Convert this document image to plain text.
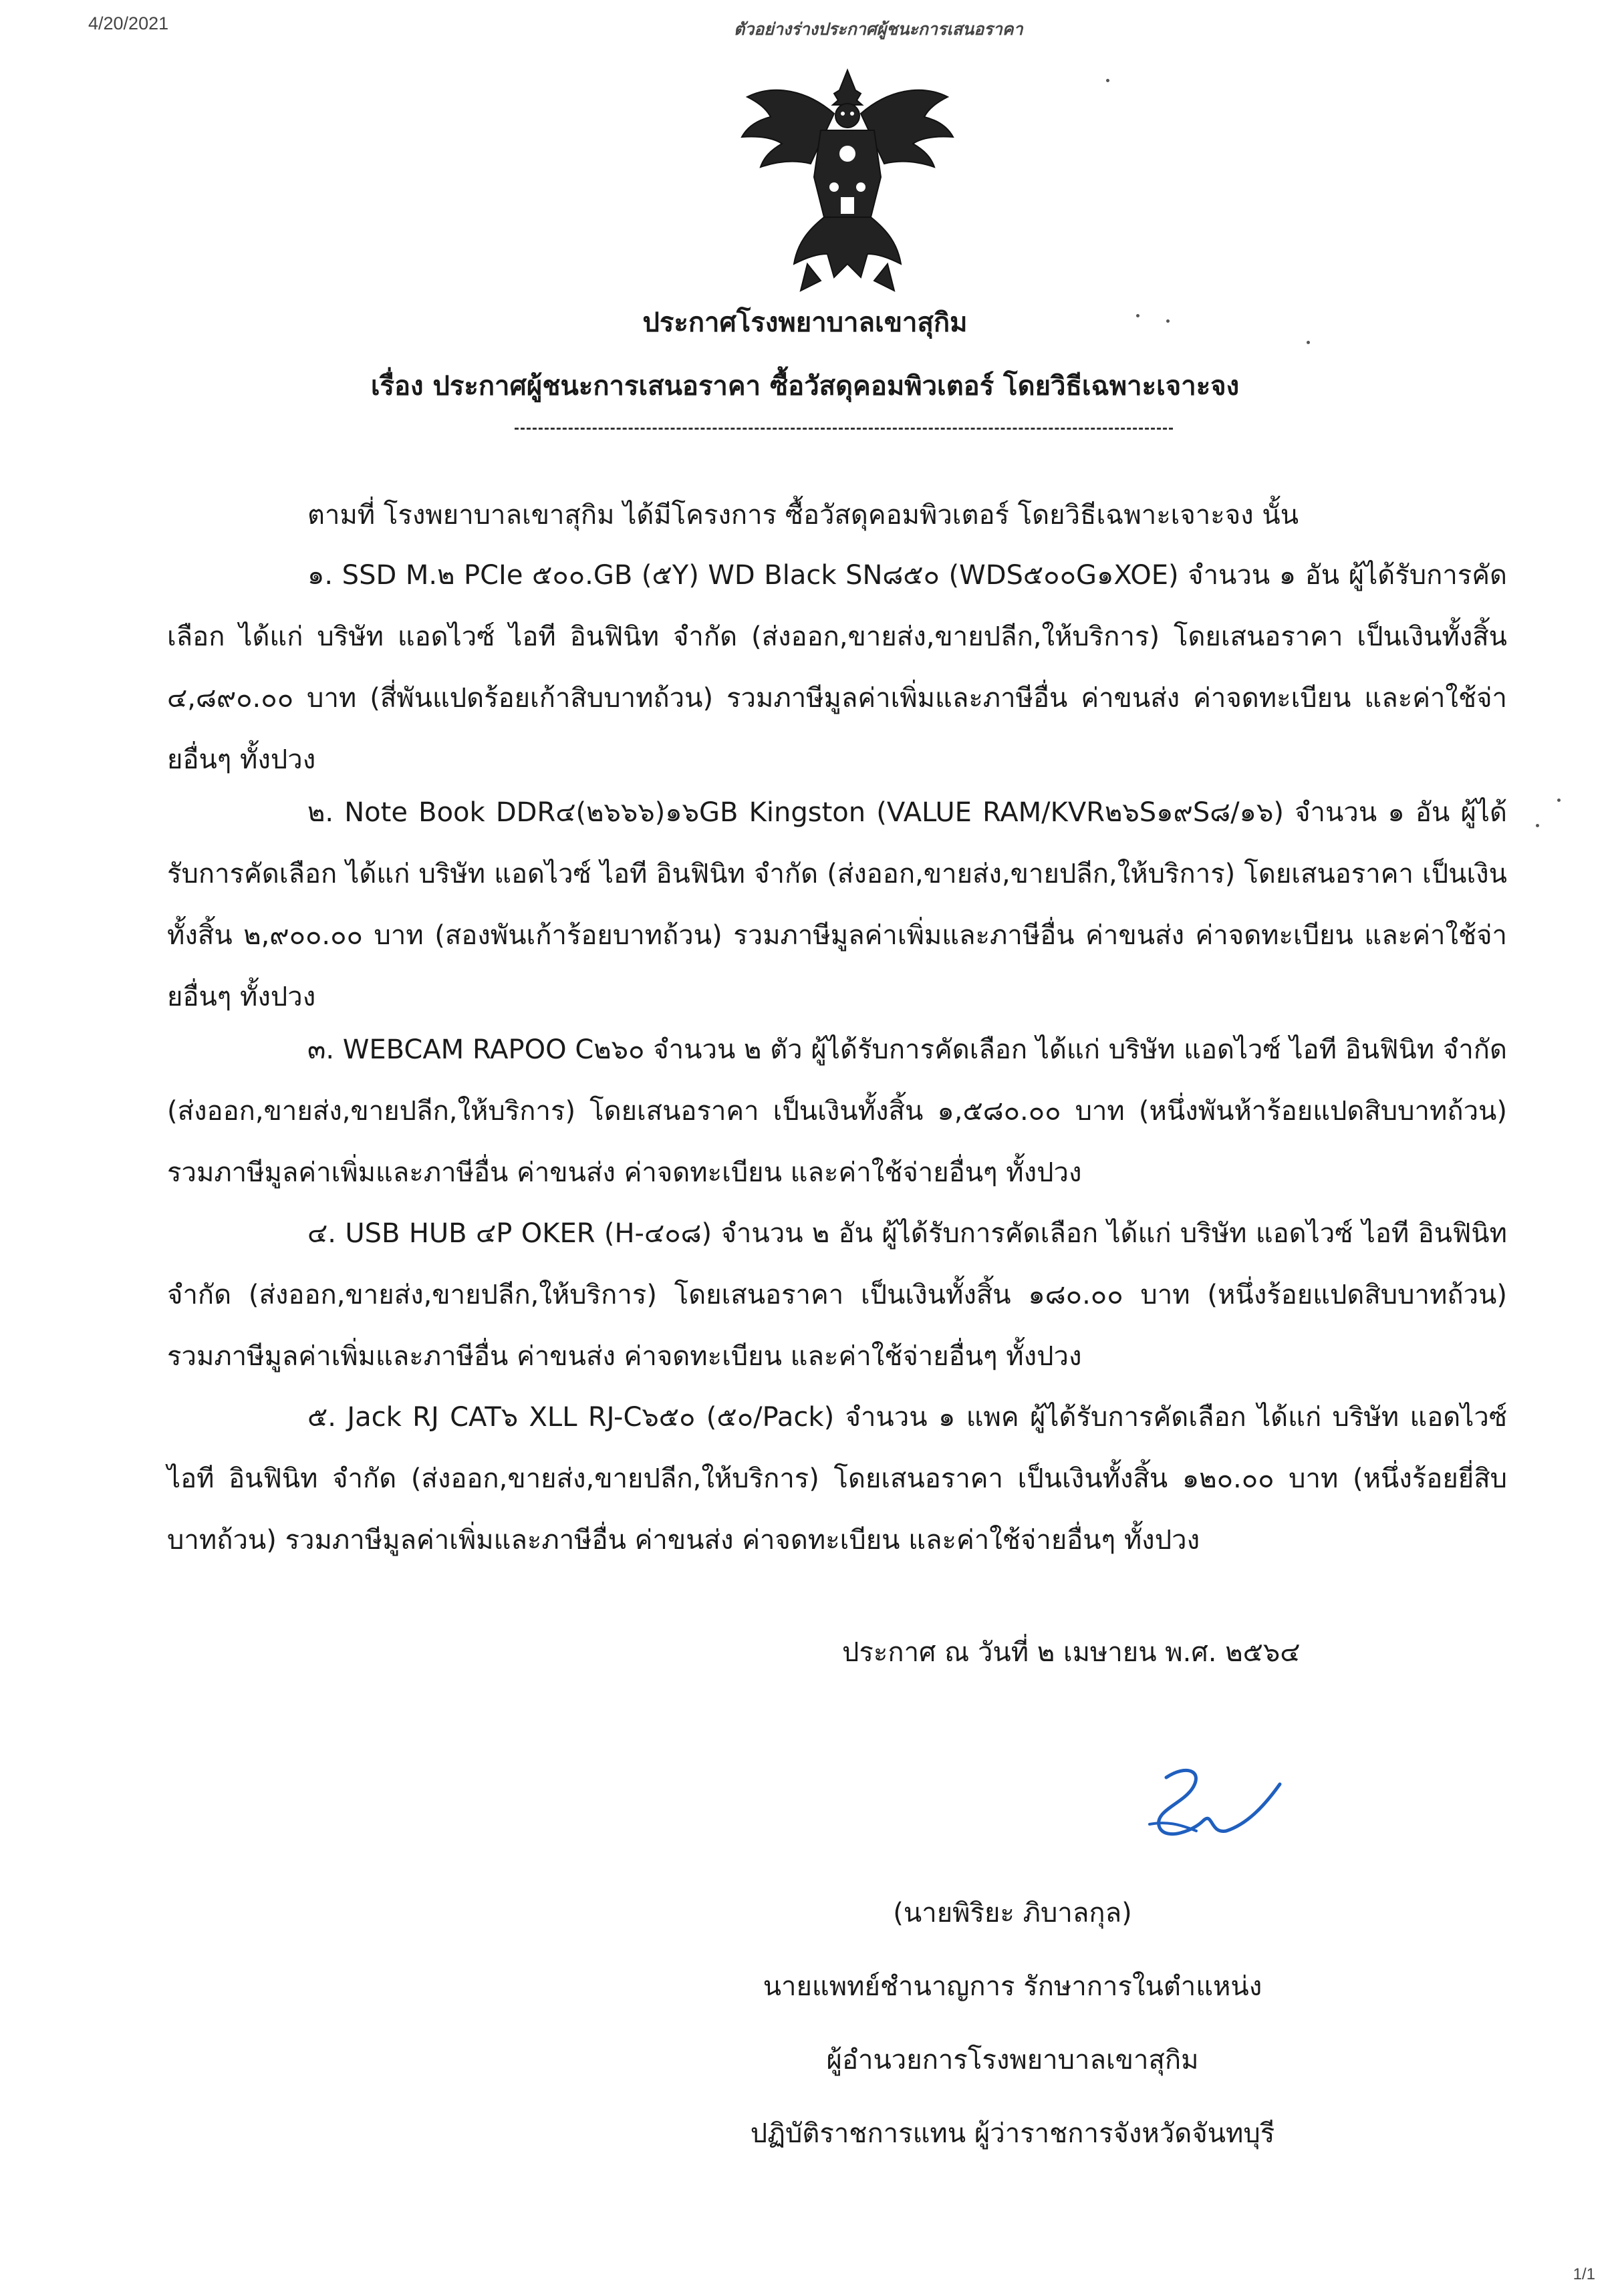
4/20/2021	ตัวอย่างร่างประกาศผู้ชนะการเสนอราคา
ประกาศโรงพยาบาลเขาสุกิม
เรื่อง ประกาศผู้ชนะการเสนอราคา ซื้อวัสดุคอมพิวเตอร์ โดยวิธีเฉพาะเจาะจง
ตามที่ โรงพยาบาลเขาสุกิม ได้มีโครงการ ซื้อวัสดุคอมพิวเตอร์ โดยวิธีเฉพาะเจาะจง นั้น
๑. SSD M.๒ PCIe ๕๐๐.GB (๕Y) WD Black SN๘๕๐ (WDS๕๐๐G๑XOE) จำนวน ๑ อัน ผู้ได้รับการคัดเลือก ได้แก่ บริษัท แอดไวซ์ ไอที อินฟินิท จำกัด (ส่งออก,ขายส่ง,ขายปลีก,ให้บริการ) โดยเสนอราคา เป็นเงินทั้งสิ้น ๔,๘๙๐.๐๐ บาท (สี่พันแปดร้อยเก้าสิบบาทถ้วน) รวมภาษีมูลค่าเพิ่มและภาษีอื่น ค่าขนส่ง ค่าจดทะเบียน และค่าใช้จ่ายอื่นๆ ทั้งปวง
๒. Note Book DDR๔(๒๖๖๖)๑๖GB Kingston (VALUE RAM/KVR๒๖S๑๙S๘/๑๖) จำนวน ๑ อัน ผู้ได้รับการคัดเลือก ได้แก่ บริษัท แอดไวซ์ ไอที อินฟินิท จำกัด (ส่งออก,ขายส่ง,ขายปลีก,ให้บริการ) โดยเสนอราคา เป็นเงินทั้งสิ้น ๒,๙๐๐.๐๐ บาท (สองพันเก้าร้อยบาทถ้วน) รวมภาษีมูลค่าเพิ่มและภาษีอื่น ค่าขนส่ง ค่าจดทะเบียน และค่าใช้จ่ายอื่นๆ ทั้งปวง
๓. WEBCAM RAPOO C๒๖๐ จำนวน ๒ ตัว ผู้ได้รับการคัดเลือก ได้แก่ บริษัท แอดไวซ์ ไอที อินฟินิท จำกัด (ส่งออก,ขายส่ง,ขายปลีก,ให้บริการ) โดยเสนอราคา เป็นเงินทั้งสิ้น ๑,๕๘๐.๐๐ บาท (หนึ่งพันห้าร้อยแปดสิบบาทถ้วน) รวมภาษีมูลค่าเพิ่มและภาษีอื่น ค่าขนส่ง ค่าจดทะเบียน และค่าใช้จ่ายอื่นๆ ทั้งปวง
๔. USB HUB ๔P OKER (H-๔๐๘) จำนวน ๒ อัน ผู้ได้รับการคัดเลือก ได้แก่ บริษัท แอดไวซ์ ไอที อินฟินิท จำกัด (ส่งออก,ขายส่ง,ขายปลีก,ให้บริการ) โดยเสนอราคา เป็นเงินทั้งสิ้น ๑๘๐.๐๐ บาท (หนึ่งร้อยแปดสิบบาทถ้วน) รวมภาษีมูลค่าเพิ่มและภาษีอื่น ค่าขนส่ง ค่าจดทะเบียน และค่าใช้จ่ายอื่นๆ ทั้งปวง
๕. Jack RJ CAT๖ XLL RJ-C๖๕๐ (๕๐/Pack) จำนวน ๑ แพค ผู้ได้รับการคัดเลือก ได้แก่ บริษัท แอดไวซ์ ไอที อินฟินิท จำกัด (ส่งออก,ขายส่ง,ขายปลีก,ให้บริการ) โดยเสนอราคา เป็นเงินทั้งสิ้น ๑๒๐.๐๐ บาท (หนึ่งร้อยยี่สิบบาทถ้วน) รวมภาษีมูลค่าเพิ่มและภาษีอื่น ค่าขนส่ง ค่าจดทะเบียน และค่าใช้จ่ายอื่นๆ ทั้งปวง
ประกาศ ณ วันที่ ๒ เมษายน พ.ศ. ๒๕๖๔
(นายพิริยะ ภิบาลกุล)
นายแพทย์ชำนาญการ รักษาการในตำแหน่ง
ผู้อำนวยการโรงพยาบาลเขาสุกิม
ปฏิบัติราชการแทน ผู้ว่าราชการจังหวัดจันทบุรี
1/1
